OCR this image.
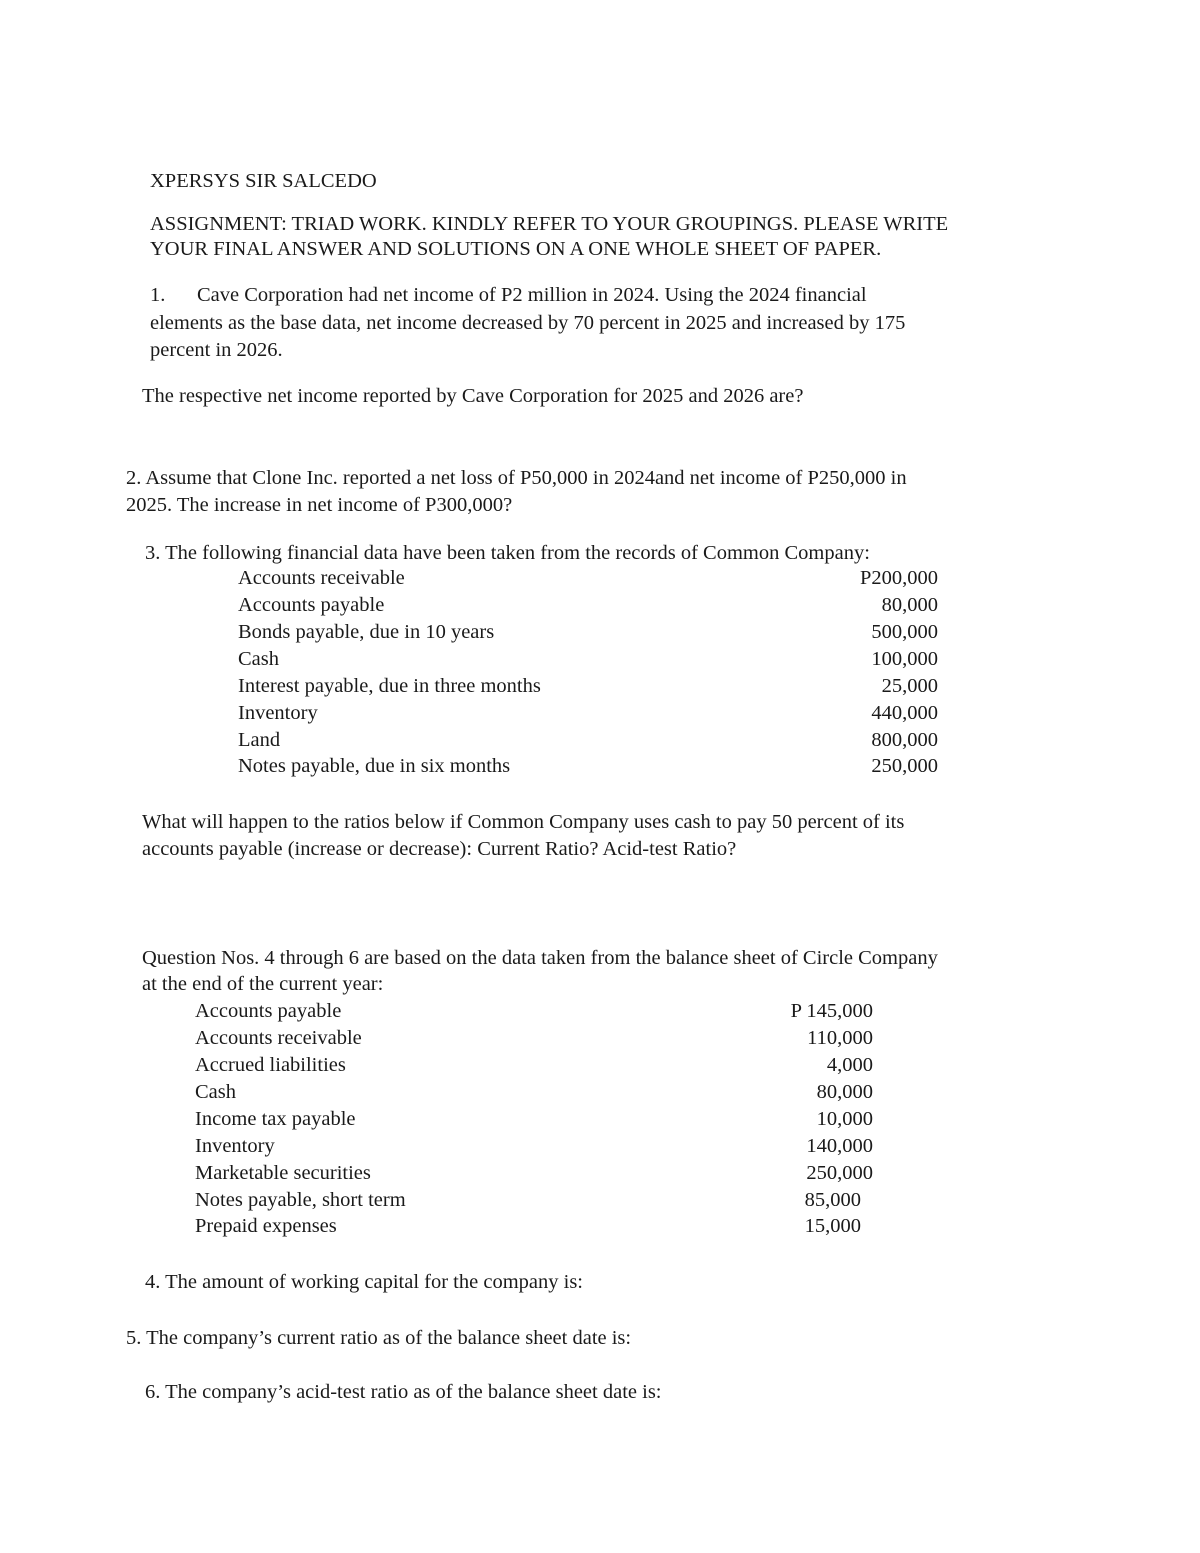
XPERSYS SIR SALCEDO
ASSIGNMENT: TRIAD WORK. KINDLY REFER TO YOUR GROUPINGS. PLEASE WRITE
YOUR FINAL ANSWER AND SOLUTIONS ON A ONE WHOLE SHEET OF PAPER.
1. Cave Corporation had net income of P2 million in 2024. Using the 2024 financial
elements as the base data, net income decreased by 70 percent in 2025 and increased by 175
percent in 2026.
The respective net income reported by Cave Corporation for 2025 and 2026 are?
2. Assume that Clone Inc. reported a net loss of P50,000 in 2024and net income of P250,000 in
2025. The increase in net income of P300,000?
3. The following financial data have been taken from the records of Common Company:
Accounts receivable	P200,000
Accounts payable	80,000
Bonds payable, due in 10 years	500,000
Cash	100,000
Interest payable, due in three months	25,000
Inventory	440,000
Land	800,000
Notes payable, due in six months	250,000
What will happen to the ratios below if Common Company uses cash to pay 50 percent of its
accounts payable (increase or decrease): Current Ratio? Acid-test Ratio?
Question Nos. 4 through 6 are based on the data taken from the balance sheet of Circle Company
at the end of the current year:
Accounts payable	P 145,000
Accounts receivable	110,000
Accrued liabilities	4,000
Cash	80,000
Income tax payable	10,000
Inventory	140,000
Marketable securities	250,000
Notes payable, short term	85,000
Prepaid expenses	15,000
4. The amount of working capital for the company is:
5. The company’s current ratio as of the balance sheet date is:
6. The company’s acid-test ratio as of the balance sheet date is:
